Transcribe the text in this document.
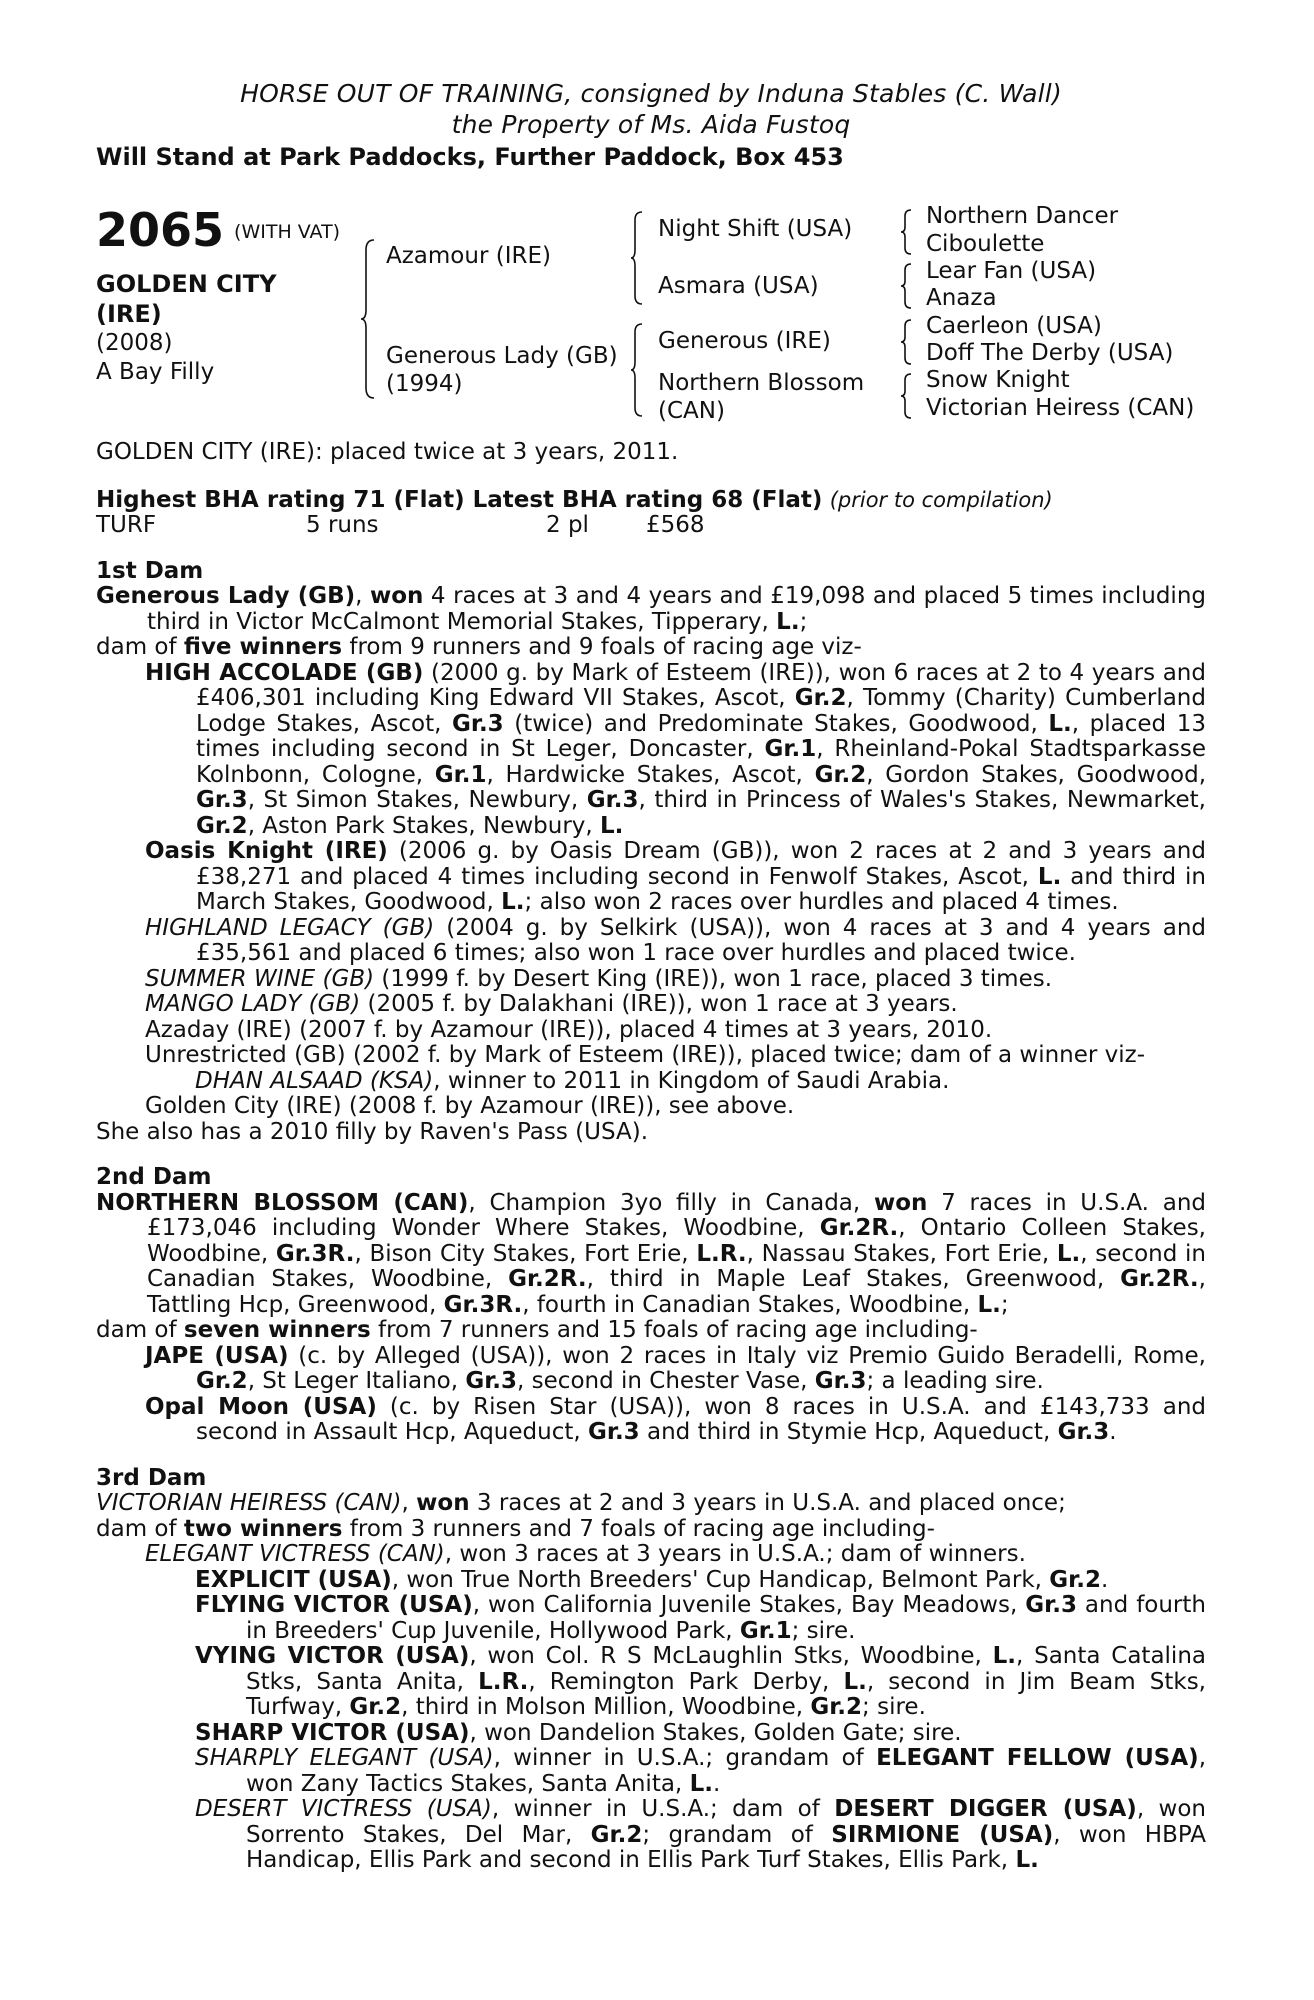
HORSE OUT OF TRAINING, consigned by Induna Stables (C. Wall)
the Property of Ms. Aida Fustoq
Will Stand at Park Paddocks, Further Paddock, Box 453
2065 (WITH VAT)
GOLDEN CITY
(IRE)
(2008)
A Bay Filly
Azamour (IRE)
Generous Lady (GB)
(1994)
Night Shift (USA)
Asmara (USA)
Generous (IRE)
Northern Blossom
(CAN)
Northern Dancer
Ciboulette
Lear Fan (USA)
Anaza
Caerleon (USA)
Doff The Derby (USA)
Snow Knight
Victorian Heiress (CAN)

GOLDEN CITY (IRE): placed twice at 3 years, 2011.

Highest BHA rating 71 (Flat) Latest BHA rating 68 (Flat) (prior to compilation)

TURF	5 runs	2 pl £568

1st Dam
Generous Lady (GB), won 4 races at 3 and 4 years and £19,098 and placed 5 times including third in Victor McCalmont Memorial Stakes, Tipperary, L.;
dam of five winners from 9 runners and 9 foals of racing age viz-
HIGH ACCOLADE (GB) (2000 g. by Mark of Esteem (IRE)), won 6 races at 2 to 4 years and £406,301 including King Edward VII Stakes, Ascot, Gr.2, Tommy (Charity) Cumberland Lodge Stakes, Ascot, Gr.3 (twice) and Predominate Stakes, Goodwood, L., placed 13 times including second in St Leger, Doncaster, Gr.1, Rheinland-Pokal Stadtsparkasse Kolnbonn, Cologne, Gr.1, Hardwicke Stakes, Ascot, Gr.2, Gordon Stakes, Goodwood, Gr.3, St Simon Stakes, Newbury, Gr.3, third in Princess of Wales's Stakes, Newmarket, Gr.2, Aston Park Stakes, Newbury, L.
Oasis Knight (IRE) (2006 g. by Oasis Dream (GB)), won 2 races at 2 and 3 years and £38,271 and placed 4 times including second in Fenwolf Stakes, Ascot, L. and third in March Stakes, Goodwood, L.; also won 2 races over hurdles and placed 4 times.
HIGHLAND LEGACY (GB) (2004 g. by Selkirk (USA)), won 4 races at 3 and 4 years and £35,561 and placed 6 times; also won 1 race over hurdles and placed twice.
SUMMER WINE (GB) (1999 f. by Desert King (IRE)), won 1 race, placed 3 times.
MANGO LADY (GB) (2005 f. by Dalakhani (IRE)), won 1 race at 3 years.
Azaday (IRE) (2007 f. by Azamour (IRE)), placed 4 times at 3 years, 2010.
Unrestricted (GB) (2002 f. by Mark of Esteem (IRE)), placed twice; dam of a winner viz-
DHAN ALSAAD (KSA), winner to 2011 in Kingdom of Saudi Arabia.
Golden City (IRE) (2008 f. by Azamour (IRE)), see above.
She also has a 2010 filly by Raven's Pass (USA).
2nd Dam
NORTHERN BLOSSOM (CAN), Champion 3yo filly in Canada, won 7 races in U.S.A. and £173,046 including Wonder Where Stakes, Woodbine, Gr.2R., Ontario Colleen Stakes, Woodbine, Gr.3R., Bison City Stakes, Fort Erie, L.R., Nassau Stakes, Fort Erie, L., second in Canadian Stakes, Woodbine, Gr.2R., third in Maple Leaf Stakes, Greenwood, Gr.2R., Tattling Hcp, Greenwood, Gr.3R., fourth in Canadian Stakes, Woodbine, L.;
dam of seven winners from 7 runners and 15 foals of racing age including-
JAPE (USA) (c. by Alleged (USA)), won 2 races in Italy viz Premio Guido Beradelli, Rome, Gr.2, St Leger Italiano, Gr.3, second in Chester Vase, Gr.3; a leading sire.
Opal Moon (USA) (c. by Risen Star (USA)), won 8 races in U.S.A. and £143,733 and second in Assault Hcp, Aqueduct, Gr.3 and third in Stymie Hcp, Aqueduct, Gr.3.
3rd Dam
VICTORIAN HEIRESS (CAN), won 3 races at 2 and 3 years in U.S.A. and placed once;
dam of two winners from 3 runners and 7 foals of racing age including-
ELEGANT VICTRESS (CAN), won 3 races at 3 years in U.S.A.; dam of winners.
EXPLICIT (USA), won True North Breeders' Cup Handicap, Belmont Park, Gr.2.
FLYING VICTOR (USA), won California Juvenile Stakes, Bay Meadows, Gr.3 and fourth in Breeders' Cup Juvenile, Hollywood Park, Gr.1; sire.
VYING VICTOR (USA), won Col. R S McLaughlin Stks, Woodbine, L., Santa Catalina Stks, Santa Anita, L.R., Remington Park Derby, L., second in Jim Beam Stks, Turfway, Gr.2, third in Molson Million, Woodbine, Gr.2; sire.
SHARP VICTOR (USA), won Dandelion Stakes, Golden Gate; sire.
SHARPLY ELEGANT (USA), winner in U.S.A.; grandam of ELEGANT FELLOW (USA), won Zany Tactics Stakes, Santa Anita, L..
DESERT VICTRESS (USA), winner in U.S.A.; dam of DESERT DIGGER (USA), won Sorrento Stakes, Del Mar, Gr.2; grandam of SIRMIONE (USA), won HBPA Handicap, Ellis Park and second in Ellis Park Turf Stakes, Ellis Park, L.
